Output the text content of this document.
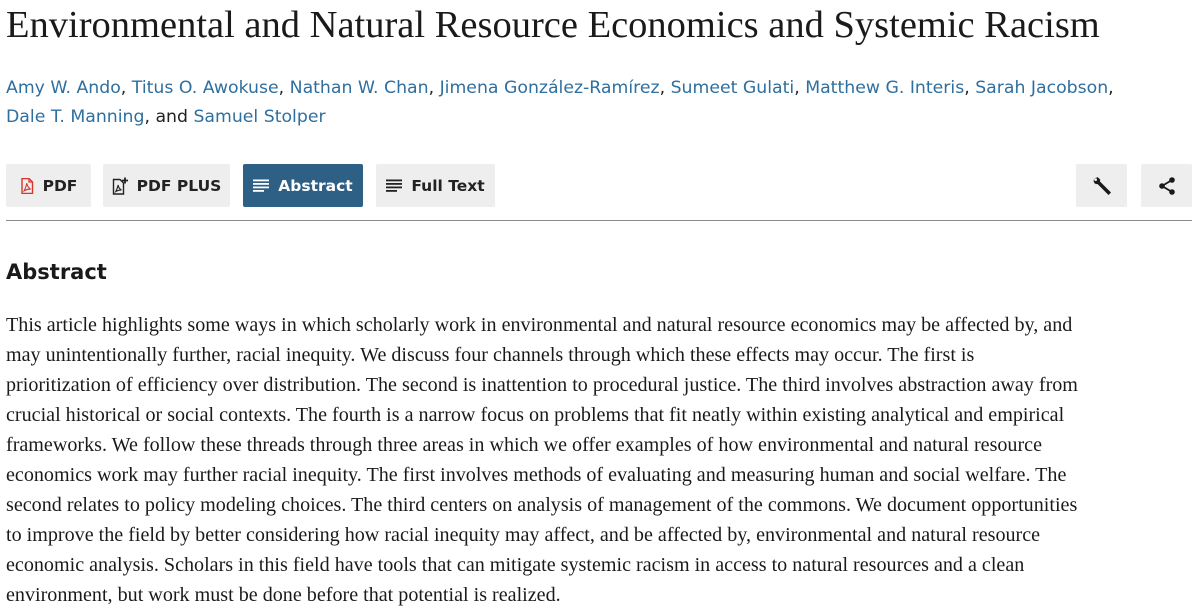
Environmental and Natural Resource Economics and Systemic Racism
Amy W. Ando, Titus O. Awokuse, Nathan W. Chan, Jimena González-Ramírez, Sumeet Gulati, Matthew G. Interis, Sarah Jacobson,
Dale T. Manning, and Samuel Stolper
PDF	PDF PLUS	Abstract	Full Text
Abstract

This article highlights some ways in which scholarly work in environmental and natural resource economics may be affected by, and
may unintentionally further, racial inequity. We discuss four channels through which these effects may occur. The first is
prioritization of efficiency over distribution. The second is inattention to procedural justice. The third involves abstraction away from
crucial historical or social contexts. The fourth is a narrow focus on problems that fit neatly within existing analytical and empirical
frameworks. We follow these threads through three areas in which we offer examples of how environmental and natural resource
economics work may further racial inequity. The first involves methods of evaluating and measuring human and social welfare. The
second relates to policy modeling choices. The third centers on analysis of management of the commons. We document opportunities
to improve the field by better considering how racial inequity may affect, and be affected by, environmental and natural resource
economic analysis. Scholars in this field have tools that can mitigate systemic racism in access to natural resources and a clean
environment, but work must be done before that potential is realized.
